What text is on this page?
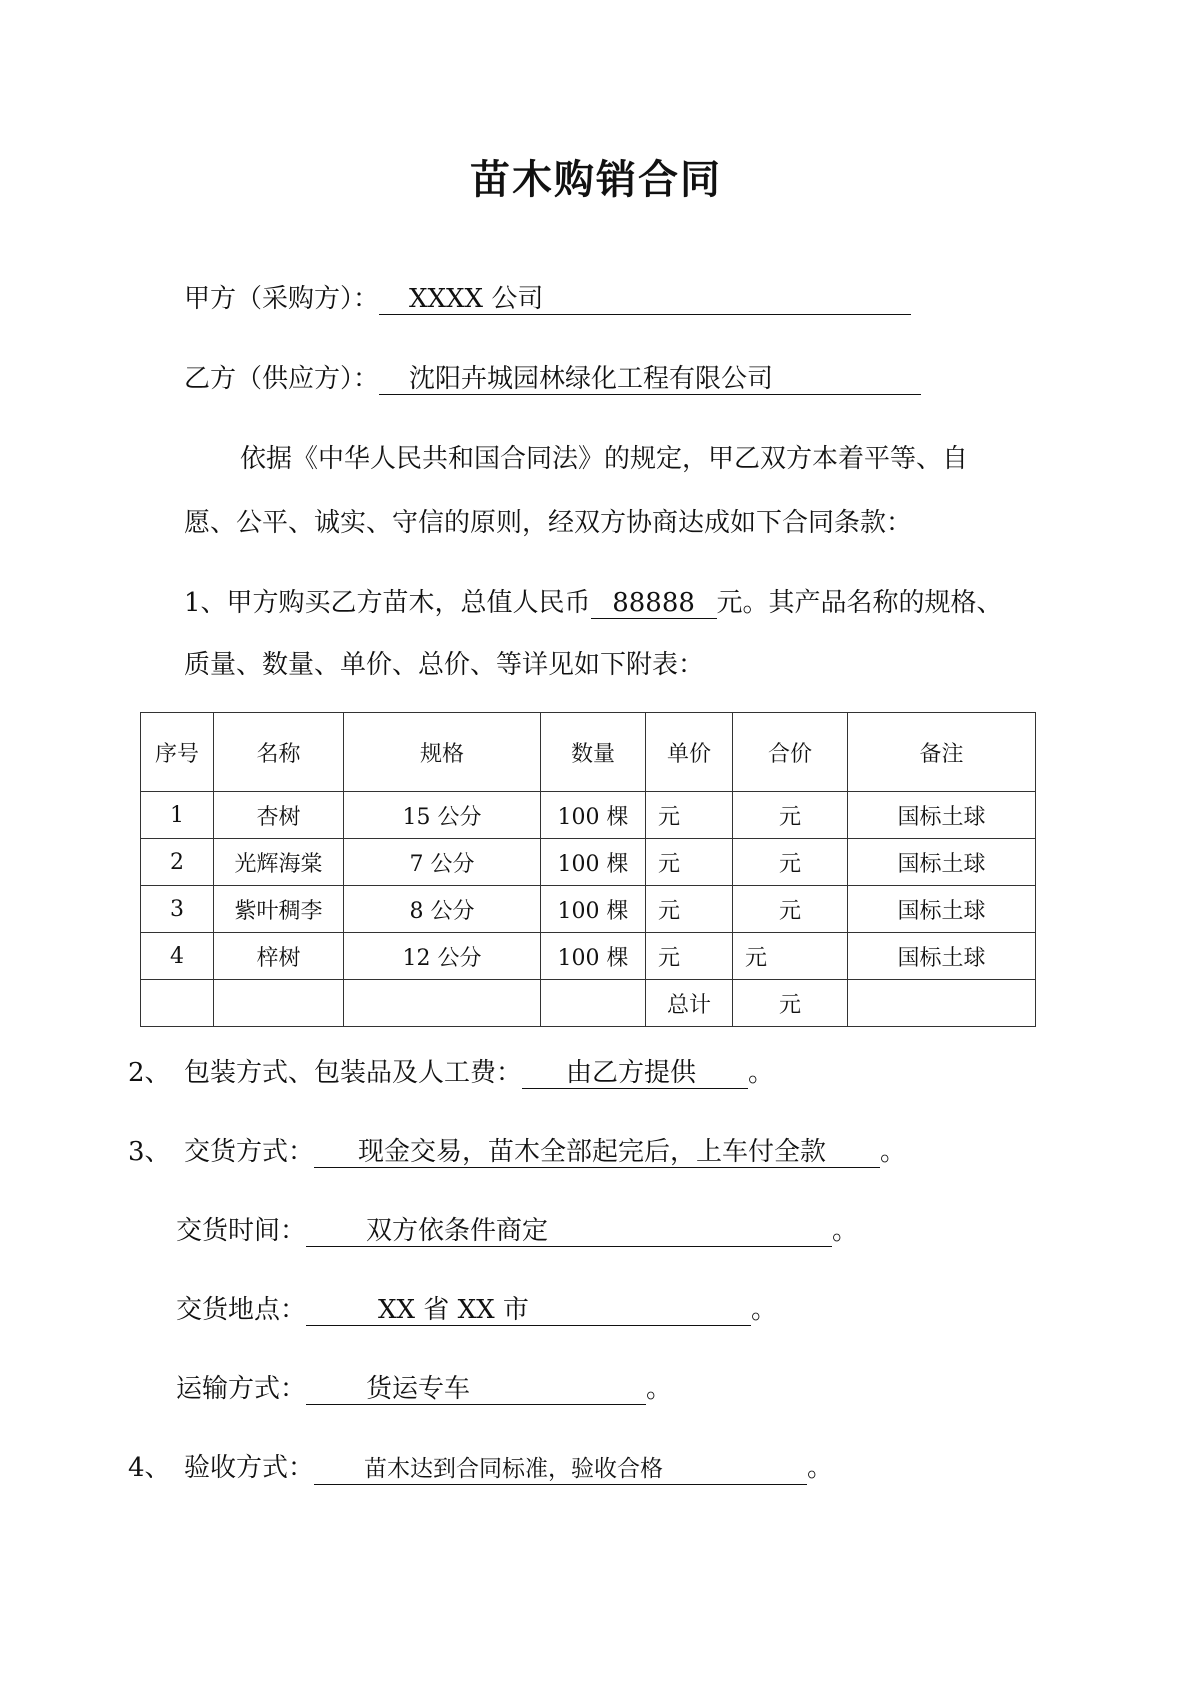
苗木购销合同
甲方（采购方）： XXXX 公司
乙方（供应方）： 沈阳卉城园林绿化工程有限公司
依据《中华人民共和国合同法》的规定，甲乙双方本着平等、自
愿、公平、诚实、守信的原则，经双方协商达成如下合同条款：
1、甲方购买乙方苗木，总值人民币 88888 元。其产品名称的规格、
质量、数量、单价、总价、等详见如下附表：
序号	名称	规格	数量	单价	合价	备注
1	杏树	15 公分	100 棵	元	元	国标土球
2	光辉海棠	7 公分	100 棵	元	元	国标土球
3	紫叶稠李	8 公分	100 棵	元	元	国标土球
4	梓树	12 公分	100 棵	元	元	国标土球
				总计	元	
2、 包装方式、包装品及人工费： 由乙方提供 。
3、 交货方式： 现金交易，苗木全部起完后，上车付全款 。
交货时间： 双方依条件商定	。
交货地点：	XX 省 XX 市	。
运输方式： 货运专车	。
4、 验收方式： 苗木达到合同标准，验收合格	。
